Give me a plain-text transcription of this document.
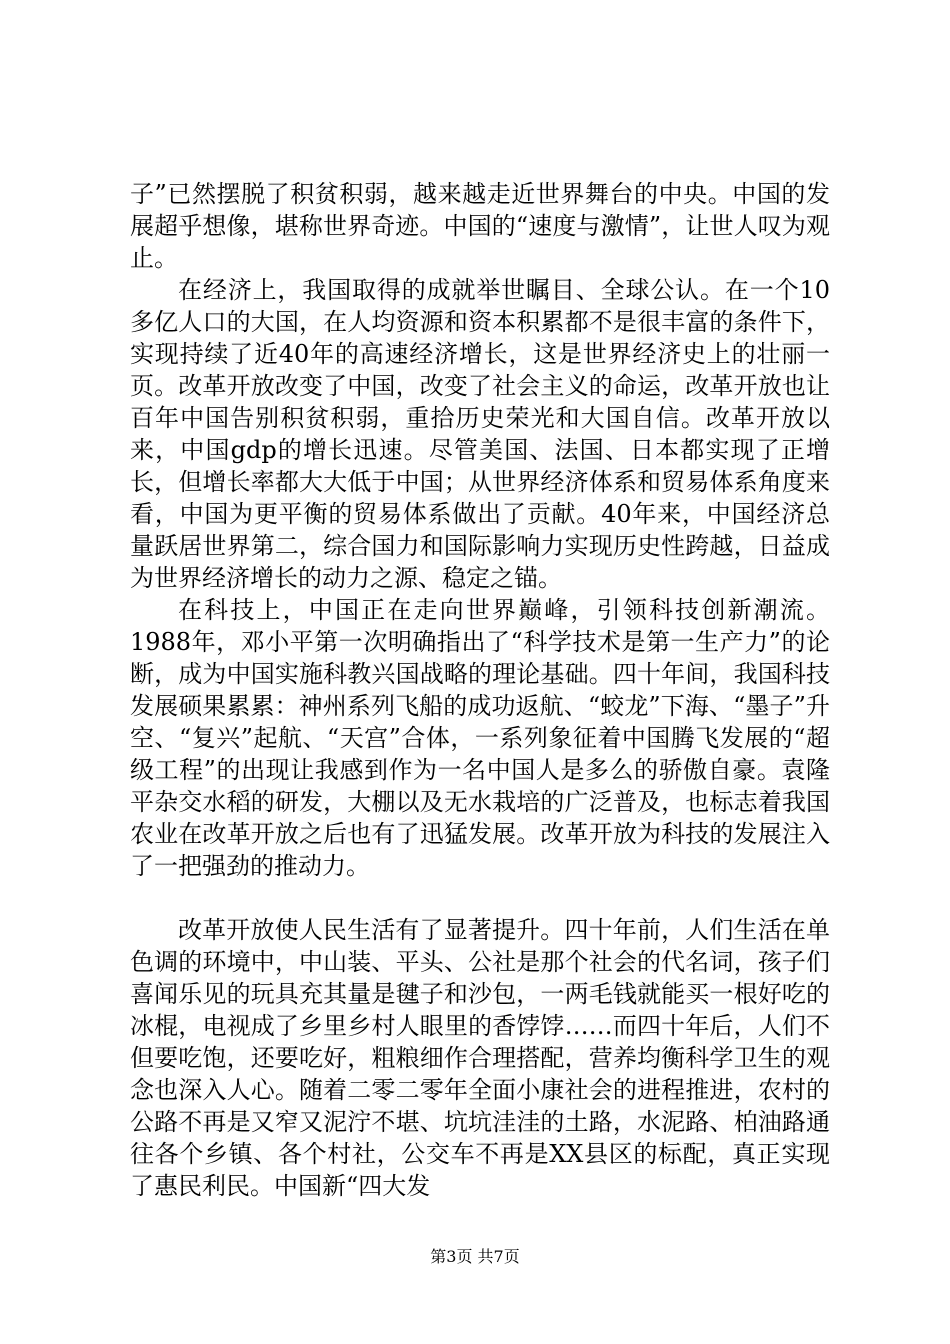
子”已然摆脱了积贫积弱，越来越走近世界舞台的中央。中国的发展超乎想像，堪称世界奇迹。中国的“速度与激情”，让世人叹为观止。

在经济上，我国取得的成就举世瞩目、全球公认。在一个10多亿人口的大国，在人均资源和资本积累都不是很丰富的条件下，实现持续了近40年的高速经济增长，这是世界经济史上的壮丽一页。改革开放改变了中国，改变了社会主义的命运，改革开放也让百年中国告别积贫积弱，重拾历史荣光和大国自信。改革开放以来，中国gdp的增长迅速。尽管美国、法国、日本都实现了正增长，但增长率都大大低于中国；从世界经济体系和贸易体系角度来看，中国为更平衡的贸易体系做出了贡献。40年来，中国经济总量跃居世界第二，综合国力和国际影响力实现历史性跨越，日益成为世界经济增长的动力之源、稳定之锚。

在科技上，中国正在走向世界巅峰，引领科技创新潮流。1988年，邓小平第一次明确指出了“科学技术是第一生产力”的论断，成为中国实施科教兴国战略的理论基础。四十年间，我国科技发展硕果累累：神州系列飞船的成功返航、“蛟龙”下海、“墨子”升空、“复兴”起航、“天宫”合体，一系列象征着中国腾飞发展的“超级工程”的出现让我感到作为一名中国人是多么的骄傲自豪。袁隆平杂交水稻的研发，大棚以及无水栽培的广泛普及，也标志着我国农业在改革开放之后也有了迅猛发展。改革开放为科技的发展注入了一把强劲的推动力。

改革开放使人民生活有了显著提升。四十年前，人们生活在单色调的环境中，中山装、平头、公社是那个社会的代名词，孩子们喜闻乐见的玩具充其量是毽子和沙包，一两毛钱就能买一根好吃的冰棍，电视成了乡里乡村人眼里的香饽饽……而四十年后，人们不但要吃饱，还要吃好，粗粮细作合理搭配，营养均衡科学卫生的观念也深入人心。随着二零二零年全面小康社会的进程推进，农村的公路不再是又窄又泥泞不堪、坑坑洼洼的土路，水泥路、柏油路通往各个乡镇、各个村社，公交车不再是XX县区的标配，真正实现了惠民利民。中国新“四大发

第3页 共7页
